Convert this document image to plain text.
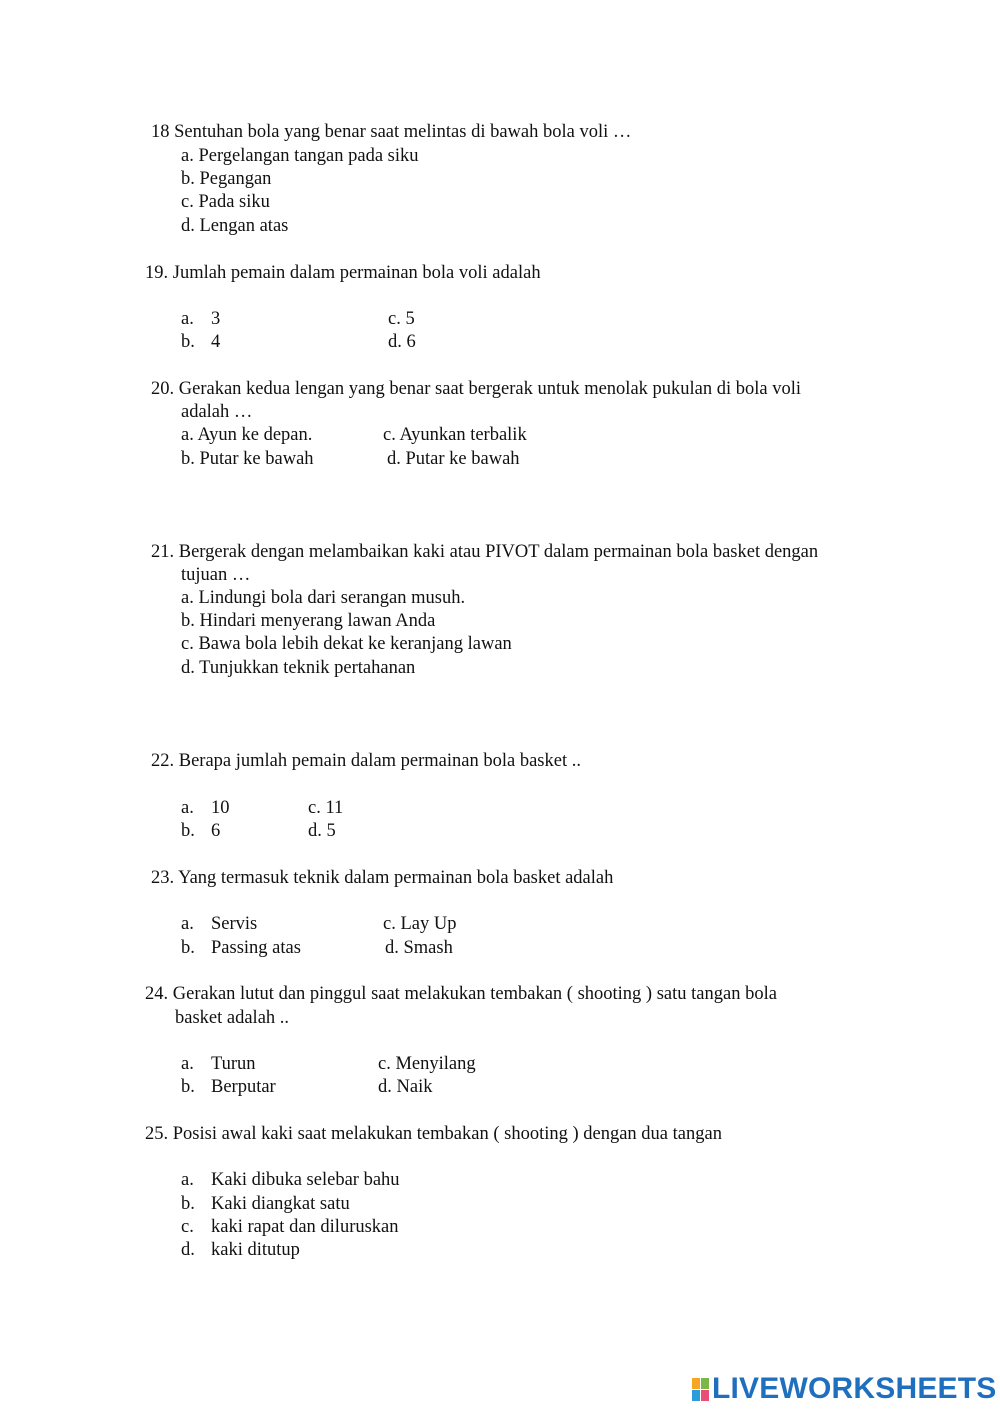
18 Sentuhan bola yang benar saat melintas di bawah bola voli …
a. Pergelangan tangan pada siku
b. Pegangan
c. Pada siku
d. Lengan atas
19. Jumlah pemain dalam permainan bola voli adalah
a. 3	c. 5
b. 4	d. 6
20. Gerakan kedua lengan yang benar saat bergerak untuk menolak pukulan di bola voli
adalah …
a. Ayun ke depan.	c. Ayunkan terbalik
b. Putar ke bawah	d. Putar ke bawah
21. Bergerak dengan melambaikan kaki atau PIVOT dalam permainan bola basket dengan
tujuan …
a. Lindungi bola dari serangan musuh.
b. Hindari menyerang lawan Anda
c. Bawa bola lebih dekat ke keranjang lawan
d. Tunjukkan teknik pertahanan
22. Berapa jumlah pemain dalam permainan bola basket ..
a. 10	c. 11
b. 6	d. 5
23. Yang termasuk teknik dalam permainan bola basket adalah
a. Servis	c. Lay Up
b. Passing atas	d. Smash
24. Gerakan lutut dan pinggul saat melakukan tembakan ( shooting ) satu tangan bola
basket adalah ..
a. Turun	c. Menyilang
b. Berputar	d. Naik
25. Posisi awal kaki saat melakukan tembakan ( shooting ) dengan dua tangan
a. Kaki dibuka selebar bahu
b. Kaki diangkat satu
c. kaki rapat dan diluruskan
d. kaki ditutup
LIVEWORKSHEETS
